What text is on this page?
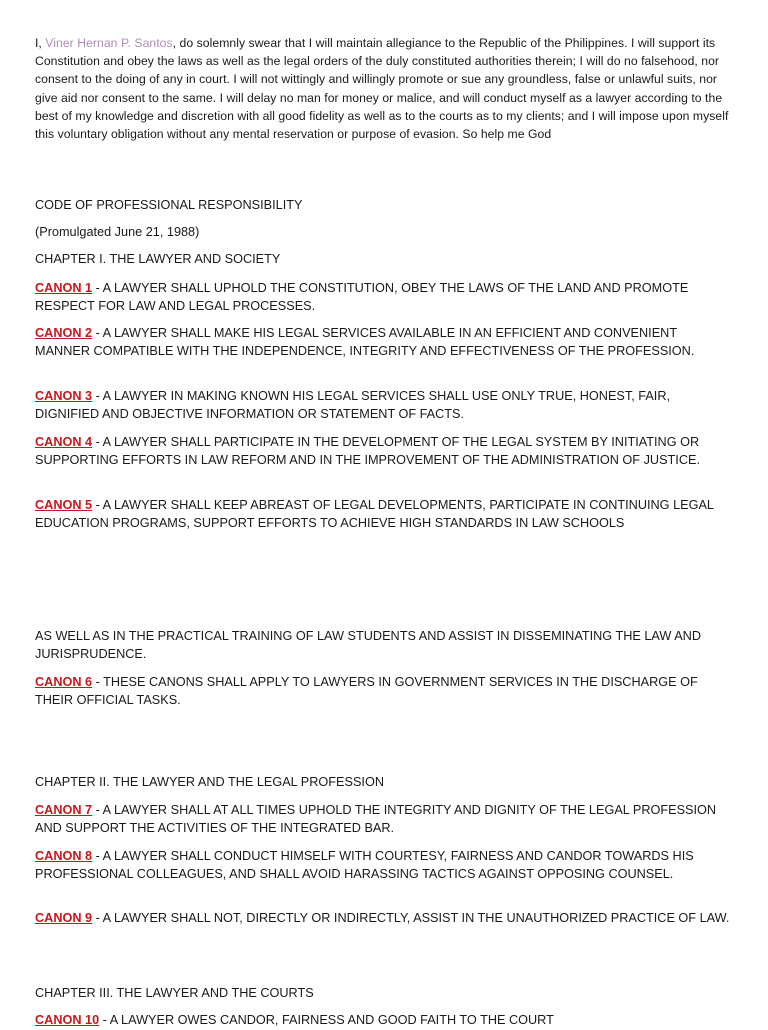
I, Viner Hernan P. Santos, do solemnly swear that I will maintain allegiance to the Republic of the Philippines. I will support its Constitution and obey the laws as well as the legal orders of the duly constituted authorities therein; I will do no falsehood, nor consent to the doing of any in court. I will not wittingly and willingly promote or sue any groundless, false or unlawful suits, nor give aid nor consent to the same. I will delay no man for money or malice, and will conduct myself as a lawyer according to the best of my knowledge and discretion with all good fidelity as well as to the courts as to my clients; and I will impose upon myself this voluntary obligation without any mental reservation or purpose of evasion. So help me God
CODE OF PROFESSIONAL RESPONSIBILITY
(Promulgated June 21, 1988)
CHAPTER I. THE LAWYER AND SOCIETY
CANON 1 - A LAWYER SHALL UPHOLD THE CONSTITUTION, OBEY THE LAWS OF THE LAND AND PROMOTE RESPECT FOR LAW AND LEGAL PROCESSES.
CANON 2 - A LAWYER SHALL MAKE HIS LEGAL SERVICES AVAILABLE IN AN EFFICIENT AND CONVENIENT MANNER COMPATIBLE WITH THE INDEPENDENCE, INTEGRITY AND EFFECTIVENESS OF THE PROFESSION.
CANON 3 - A LAWYER IN MAKING KNOWN HIS LEGAL SERVICES SHALL USE ONLY TRUE, HONEST, FAIR, DIGNIFIED AND OBJECTIVE INFORMATION OR STATEMENT OF FACTS.
CANON 4 - A LAWYER SHALL PARTICIPATE IN THE DEVELOPMENT OF THE LEGAL SYSTEM BY INITIATING OR SUPPORTING EFFORTS IN LAW REFORM AND IN THE IMPROVEMENT OF THE ADMINISTRATION OF JUSTICE.
CANON 5 - A LAWYER SHALL KEEP ABREAST OF LEGAL DEVELOPMENTS, PARTICIPATE IN CONTINUING LEGAL EDUCATION PROGRAMS, SUPPORT EFFORTS TO ACHIEVE HIGH STANDARDS IN LAW SCHOOLS
AS WELL AS IN THE PRACTICAL TRAINING OF LAW STUDENTS AND ASSIST IN DISSEMINATING THE LAW AND JURISPRUDENCE.
CANON 6 - THESE CANONS SHALL APPLY TO LAWYERS IN GOVERNMENT SERVICES IN THE DISCHARGE OF THEIR OFFICIAL TASKS.
CHAPTER II. THE LAWYER AND THE LEGAL PROFESSION
CANON 7 - A LAWYER SHALL AT ALL TIMES UPHOLD THE INTEGRITY AND DIGNITY OF THE LEGAL PROFESSION AND SUPPORT THE ACTIVITIES OF THE INTEGRATED BAR.
CANON 8 - A LAWYER SHALL CONDUCT HIMSELF WITH COURTESY, FAIRNESS AND CANDOR TOWARDS HIS PROFESSIONAL COLLEAGUES, AND SHALL AVOID HARASSING TACTICS AGAINST OPPOSING COUNSEL.
CANON 9 - A LAWYER SHALL NOT, DIRECTLY OR INDIRECTLY, ASSIST IN THE UNAUTHORIZED PRACTICE OF LAW.
CHAPTER III. THE LAWYER AND THE COURTS
CANON 10 - A LAWYER OWES CANDOR, FAIRNESS AND GOOD FAITH TO THE COURT
